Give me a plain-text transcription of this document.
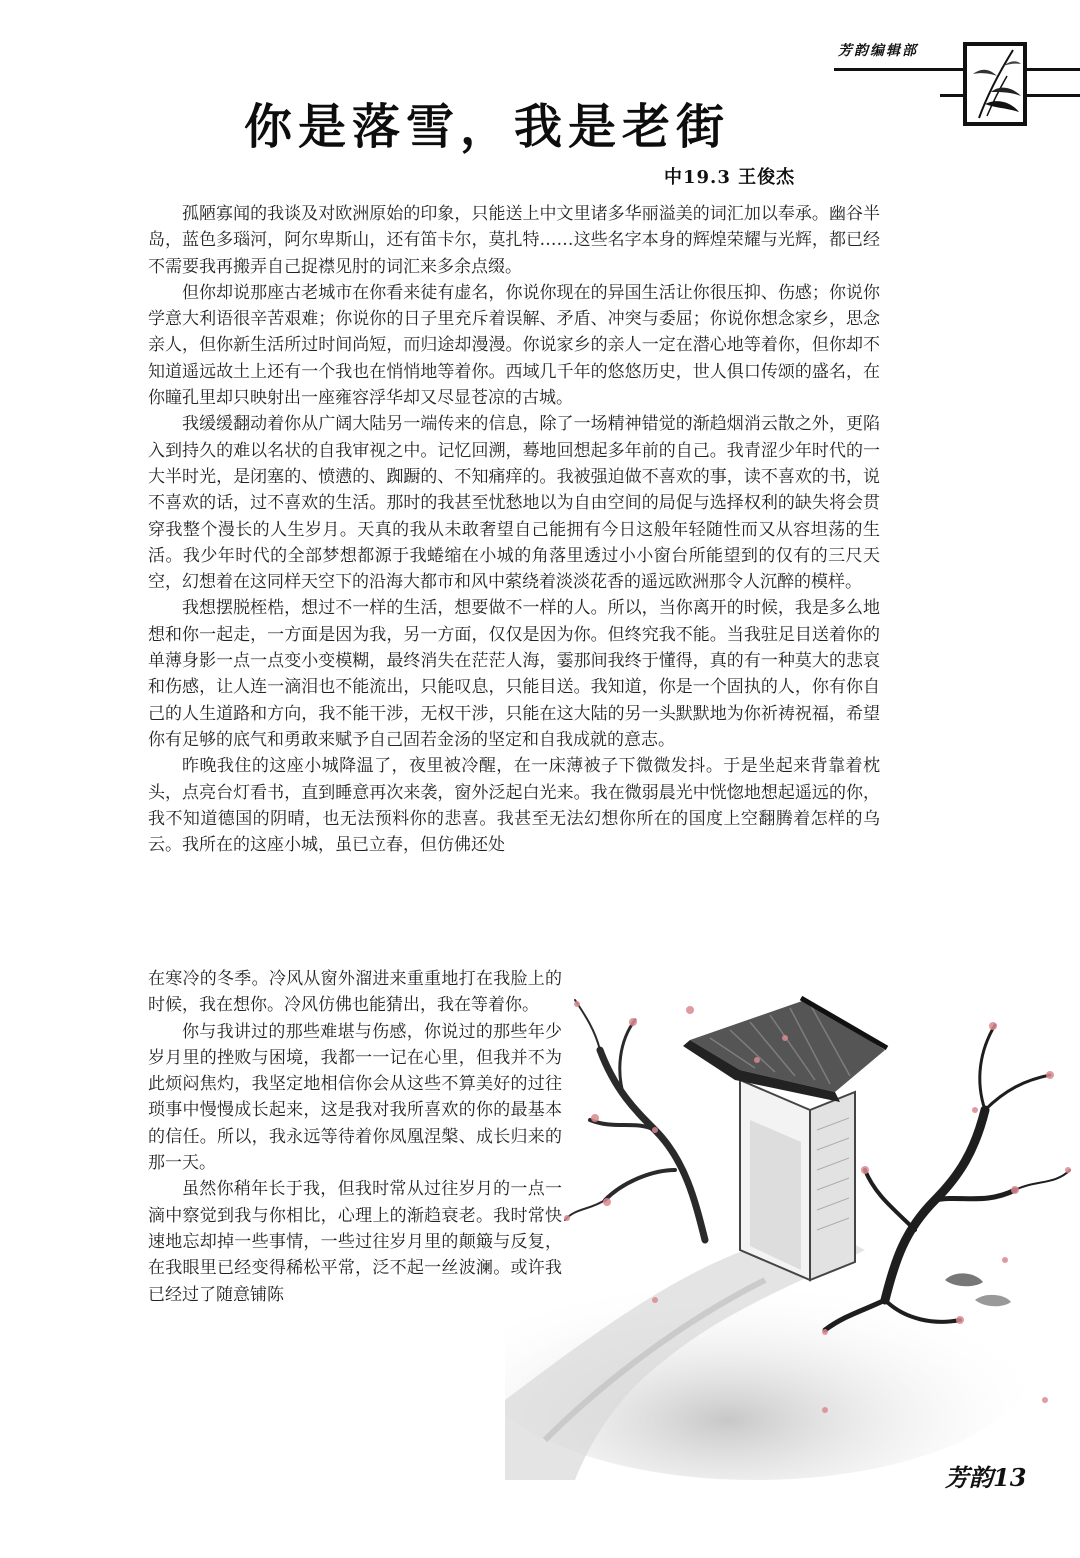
芳韵编辑部
你是落雪，我是老街
中19.3 王俊杰

孤陋寡闻的我谈及对欧洲原始的印象，只能送上中文里诸多华丽溢美的词汇加以奉承。幽谷半岛，蓝色多瑙河，阿尔卑斯山，还有笛卡尔，莫扎特……这些名字本身的辉煌荣耀与光辉，都已经不需要我再搬弄自己捉襟见肘的词汇来多余点缀。

但你却说那座古老城市在你看来徒有虚名，你说你现在的异国生活让你很压抑、伤感；你说你学意大利语很辛苦艰难；你说你的日子里充斥着误解、矛盾、冲突与委屈；你说你想念家乡，思念亲人，但你新生活所过时间尚短，而归途却漫漫。你说家乡的亲人一定在潜心地等着你，但你却不知道遥远故土上还有一个我也在悄悄地等着你。西域几千年的悠悠历史，世人俱口传颂的盛名，在你瞳孔里却只映射出一座雍容浮华却又尽显苍凉的古城。

我缓缓翻动着你从广阔大陆另一端传来的信息，除了一场精神错觉的渐趋烟消云散之外，更陷入到持久的难以名状的自我审视之中。记忆回溯，蓦地回想起多年前的自己。我青涩少年时代的一大半时光，是闭塞的、愤懑的、踟蹰的、不知痛痒的。我被强迫做不喜欢的事，读不喜欢的书，说不喜欢的话，过不喜欢的生活。那时的我甚至忧愁地以为自由空间的局促与选择权利的缺失将会贯穿我整个漫长的人生岁月。天真的我从未敢奢望自己能拥有今日这般年轻随性而又从容坦荡的生活。我少年时代的全部梦想都源于我蜷缩在小城的角落里透过小小窗台所能望到的仅有的三尺天空，幻想着在这同样天空下的沿海大都市和风中萦绕着淡淡花香的遥远欧洲那令人沉醉的模样。

我想摆脱桎梏，想过不一样的生活，想要做不一样的人。所以，当你离开的时候，我是多么地想和你一起走，一方面是因为我，另一方面，仅仅是因为你。但终究我不能。当我驻足目送着你的单薄身影一点一点变小变模糊，最终消失在茫茫人海，霎那间我终于懂得，真的有一种莫大的悲哀和伤感，让人连一滴泪也不能流出，只能叹息，只能目送。我知道，你是一个固执的人，你有你自己的人生道路和方向，我不能干涉，无权干涉，只能在这大陆的另一头默默地为你祈祷祝福，希望你有足够的底气和勇敢来赋予自己固若金汤的坚定和自我成就的意志。

昨晚我住的这座小城降温了，夜里被冷醒，在一床薄被子下微微发抖。于是坐起来背靠着枕头，点亮台灯看书，直到睡意再次来袭，窗外泛起白光来。我在微弱晨光中恍惚地想起遥远的你，我不知道德国的阴晴，也无法预料你的悲喜。我甚至无法幻想你所在的国度上空翻腾着怎样的乌云。我所在的这座小城，虽已立春，但仿佛还处

在寒冷的冬季。冷风从窗外溜进来重重地打在我脸上的时候，我在想你。冷风仿佛也能猜出，我在等着你。

你与我讲过的那些难堪与伤感，你说过的那些年少岁月里的挫败与困境，我都一一记在心里，但我并不为此烦闷焦灼，我坚定地相信你会从这些不算美好的过往琐事中慢慢成长起来，这是我对我所喜欢的你的最基本的信任。所以，我永远等待着你凤凰涅槃、成长归来的那一天。

虽然你稍年长于我，但我时常从过往岁月的一点一滴中察觉到我与你相比，心理上的渐趋衰老。我时常快速地忘却掉一些事情，一些过往岁月里的颠簸与反复，在我眼里已经变得稀松平常，泛不起一丝波澜。或许我已经过了随意铺陈

芳韵13
